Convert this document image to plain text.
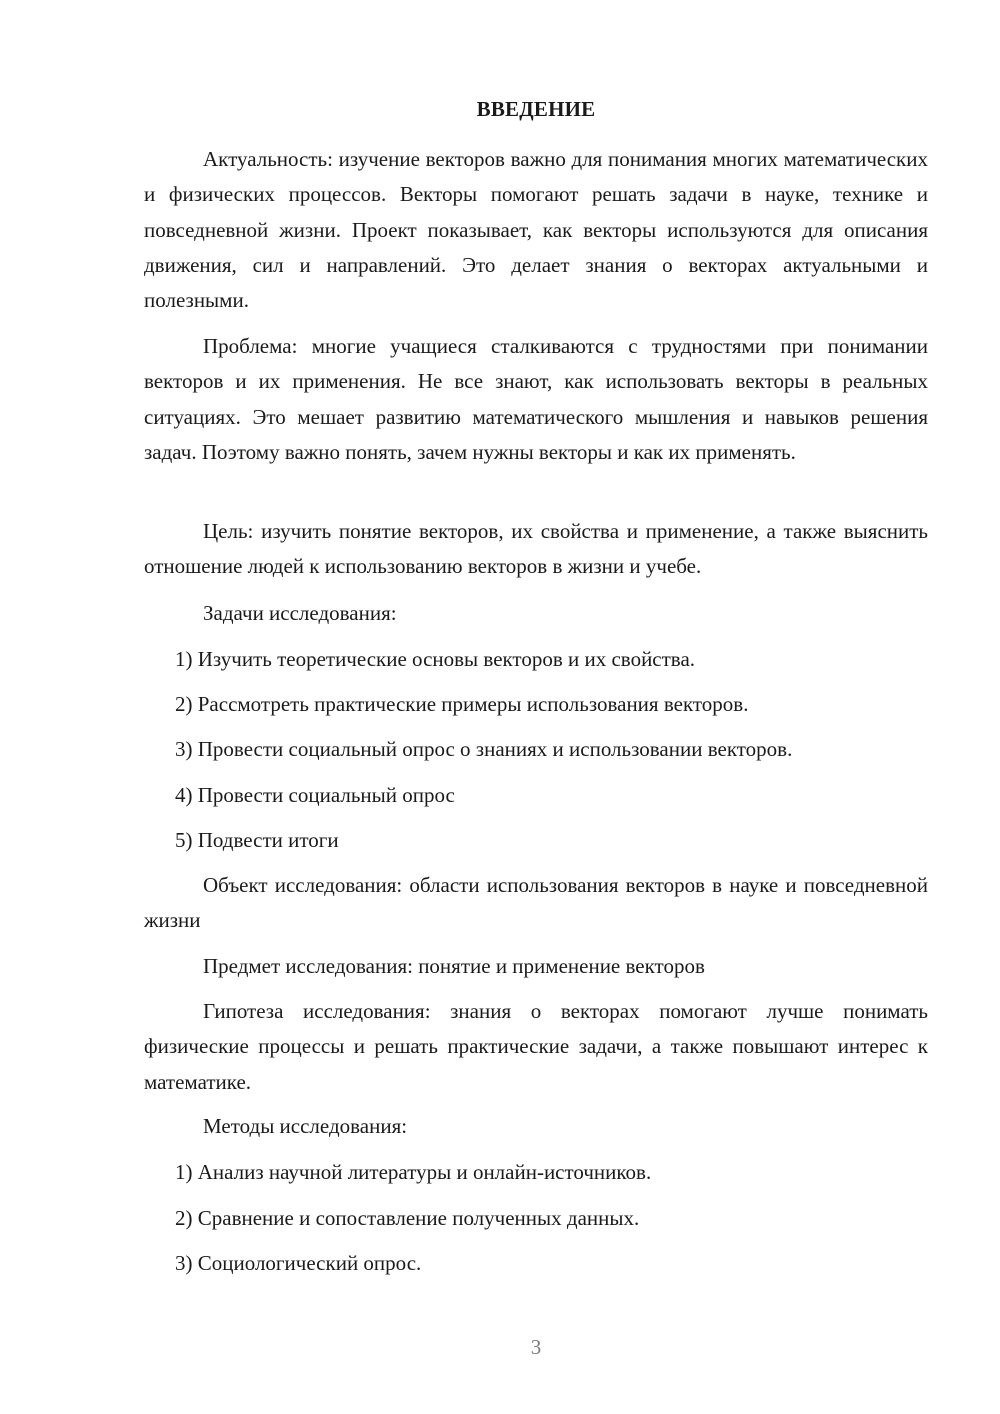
ВВЕДЕНИЕ
Актуальность: изучение векторов важно для понимания многих математических и физических процессов. Векторы помогают решать задачи в науке, технике и повседневной жизни. Проект показывает, как векторы используются для описания движения, сил и направлений. Это делает знания о векторах актуальными и полезными.
Проблема: многие учащиеся сталкиваются с трудностями при понимании векторов и их применения. Не все знают, как использовать векторы в реальных ситуациях. Это мешает развитию математического мышления и навыков решения задач. Поэтому важно понять, зачем нужны векторы и как их применять.
Цель: изучить понятие векторов, их свойства и применение, а также выяснить отношение людей к использованию векторов в жизни и учебе.
Задачи исследования:
1) Изучить теоретические основы векторов и их свойства.
2) Рассмотреть практические примеры использования векторов.
3) Провести социальный опрос о знаниях и использовании векторов.
4) Провести социальный опрос
5) Подвести итоги
Объект исследования: области использования векторов в науке и повседневной жизни
Предмет исследования: понятие и применение векторов
Гипотеза исследования: знания о векторах помогают лучше понимать физические процессы и решать практические задачи, а также повышают интерес к математике.
Методы исследования:
1) Анализ научной литературы и онлайн-источников.
2) Сравнение и сопоставление полученных данных.
3) Социологический опрос.
3
